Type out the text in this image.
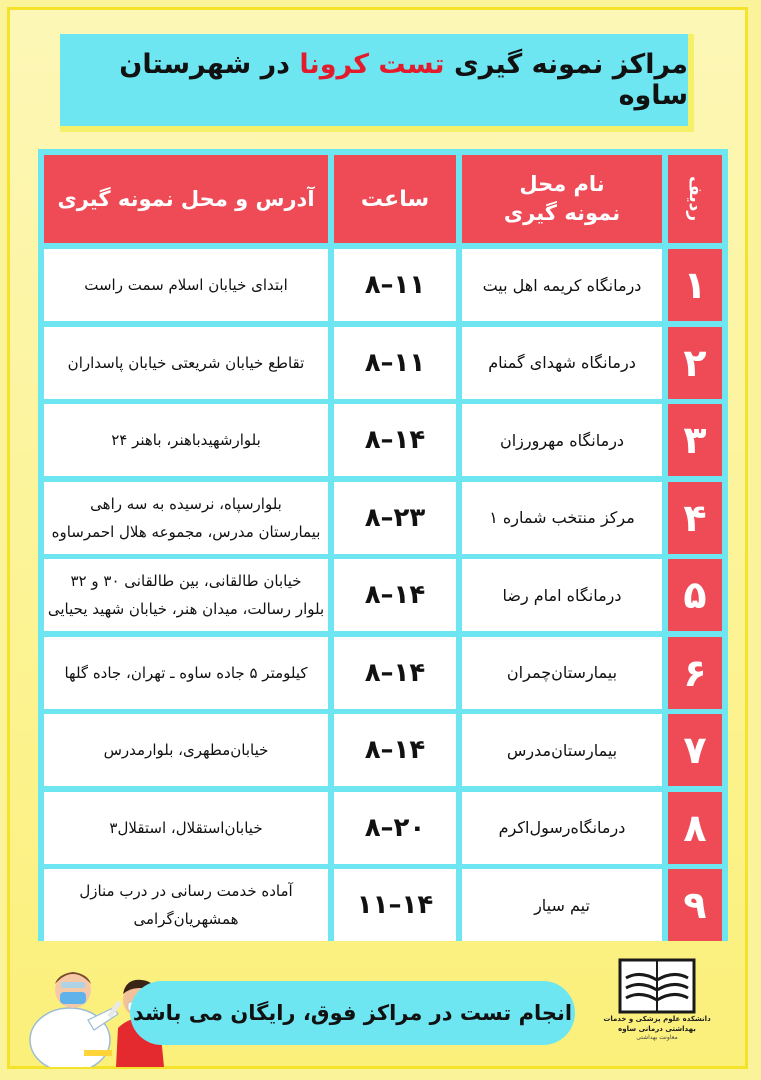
مراکز نمونه گیری تست کرونا در شهرستان ساوه
ردیف
نام محل
نمونه گیری
ساعت
آدرس و محل نمونه گیری
۱
درمانگاه کریمه اهل بیت
۸–۱۱
ابتدای خیابان اسلام سمت راست
۲
درمانگاه شهدای گمنام
۸–۱۱
تقاطع خیابان شریعتی خیابان پاسداران
۳
درمانگاه مهرورزان
۸–۱۴
بلوارشهیدباهنر، باهنر ۲۴
۴
مرکز منتخب شماره ۱
۸–۲۳
بلوارسپاه، نرسیده به سه راهی
بیمارستان مدرس، مجموعه هلال احمرساوه
۵
درمانگاه امام رضا
۸–۱۴
خیابان طالقانی، بین طالقانی ۳۰ و ۳۲
بلوار رسالت، میدان هنر، خیابان شهید یحیایی
۶
بیمارستان‌چمران
۸–۱۴
کیلومتر ۵ جاده ساوه ـ تهران، جاده گلها
۷
بیمارستان‌مدرس
۸–۱۴
خیابان‌مطهری، بلوارمدرس
۸
درمانگاه‌رسول‌اکرم
۸–۲۰
خیابان‌استقلال، استقلال۳
۹
تیم سیار
۱۱–۱۴
آماده خدمت رسانی در درب منازل
همشهریان‌گرامی
انجام تست در مراکز فوق، رایگان می باشد	دانشکده علوم پزشکی و خدمات
بهداشتی درمانی ساوه
معاونت بهداشتی
